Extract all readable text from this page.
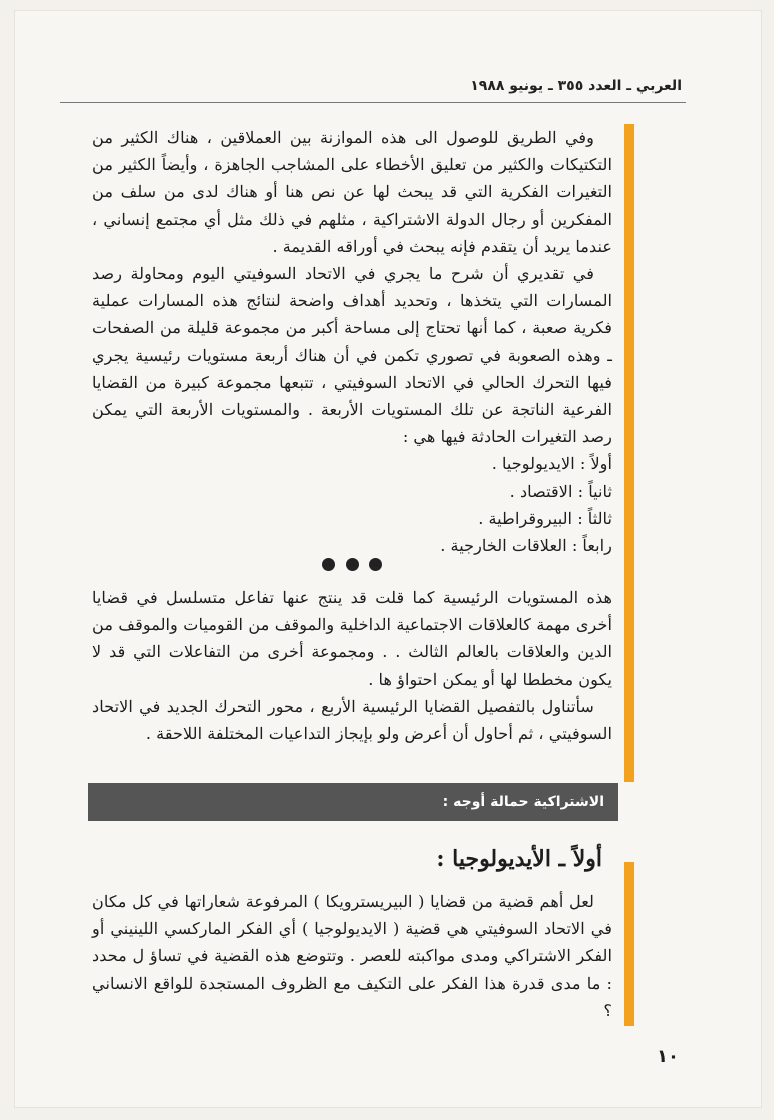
العربي ـ العدد ٣٥٥ ـ يونيو ١٩٨٨

وفي الطريق للوصول الى هذه الموازنة بين العملاقين ، هناك الكثير من التكتيكات والكثير من تعليق الأخطاء على المشاجب الجاهزة ، وأيضاً الكثير من التغيرات الفكرية التي قد يبحث لها عن نص هنا أو هناك لدى من سلف من المفكرين أو رجال الدولة الاشتراكية ، مثلهم في ذلك مثل أي مجتمع إنساني ، عندما يريد أن يتقدم فإنه يبحث في أوراقه القديمة .

في تقديري أن شرح ما يجري في الاتحاد السوفيتي اليوم ومحاولة رصد المسارات التي يتخذها ، وتحديد أهداف واضحة لنتائج هذه المسارات عملية فكرية صعبة ، كما أنها تحتاج إلى مساحة أكبر من مجموعة قليلة من الصفحات ـ وهذه الصعوبة في تصوري تكمن في أن هناك أربعة مستويات رئيسية يجري فيها التحرك الحالي في الاتحاد السوفيتي ، تتبعها مجموعة كبيرة من القضايا الفرعية الناتجة عن تلك المستويات الأربعة . والمستويات الأربعة التي يمكن رصد التغيرات الحادثة فيها هي :

أولاً : الايديولوجيا .
ثانياً : الاقتصاد .
ثالثاً : البيروقراطية .
رابعاً : العلاقات الخارجية .

هذه المستويات الرئيسية كما قلت قد ينتج عنها تفاعل متسلسل في قضايا أخرى مهمة كالعلاقات الاجتماعية الداخلية والموقف من القوميات والموقف من الدين والعلاقات بالعالم الثالث . . ومجموعة أخرى من التفاعلات التي قد لا يكون مخططا لها أو يمكن احتواؤ ها .

سأتناول بالتفصيل القضايا الرئيسية الأربع ، محور التحرك الجديد في الاتحاد السوفيتي ، ثم أحاول أن أعرض ولو بإيجاز التداعيات المختلفة اللاحقة .

الاشتراكية حمالة أوجه :
أولاً ـ الأيديولوجيا :

لعل أهم قضية من قضايا ( البيريسترويكا ) المرفوعة شعاراتها في كل مكان في الاتحاد السوفيتي هي قضية ( الايديولوجيا ) أي الفكر الماركسي اللينيني أو الفكر الاشتراكي ومدى مواكبته للعصر . وتتوضع هذه القضية في تساؤ ل محدد : ما مدى قدرة هذا الفكر على التكيف مع الظروف المستجدة للواقع الانساني ؟

١٠
